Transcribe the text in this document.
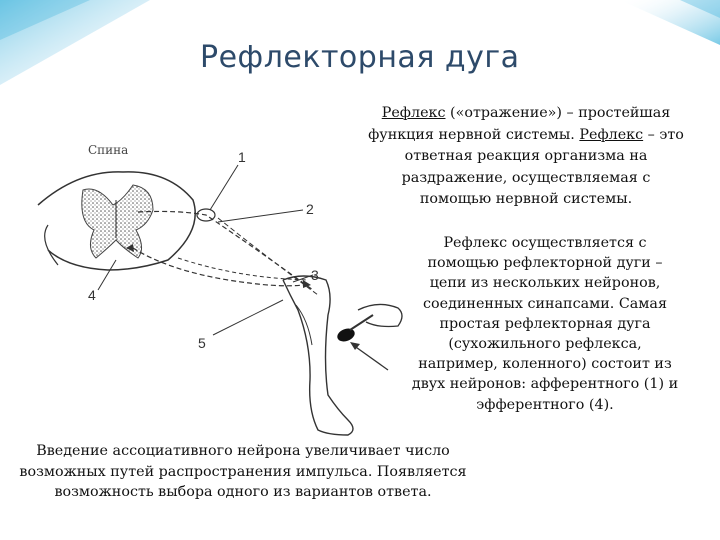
Рефлекторная дуга
Спина	1
2
3
4
5
Рефлекс («отражение») – простейшая функция нервной системы. Рефлекс – это ответная реакция организма на раздражение, осуществляемая с помощью нервной системы.
Рефлекс осуществляется с помощью рефлекторной дуги – цепи из нескольких нейронов, соединенных синапсами. Самая простая рефлекторная дуга (сухожильного рефлекса, например, коленного) состоит из двух нейронов: афферентного (1) и эфферентного (4).
Введение ассоциативного нейрона увеличивает число возможных путей распространения импульса. Появляется возможность выбора одного из вариантов ответа.
